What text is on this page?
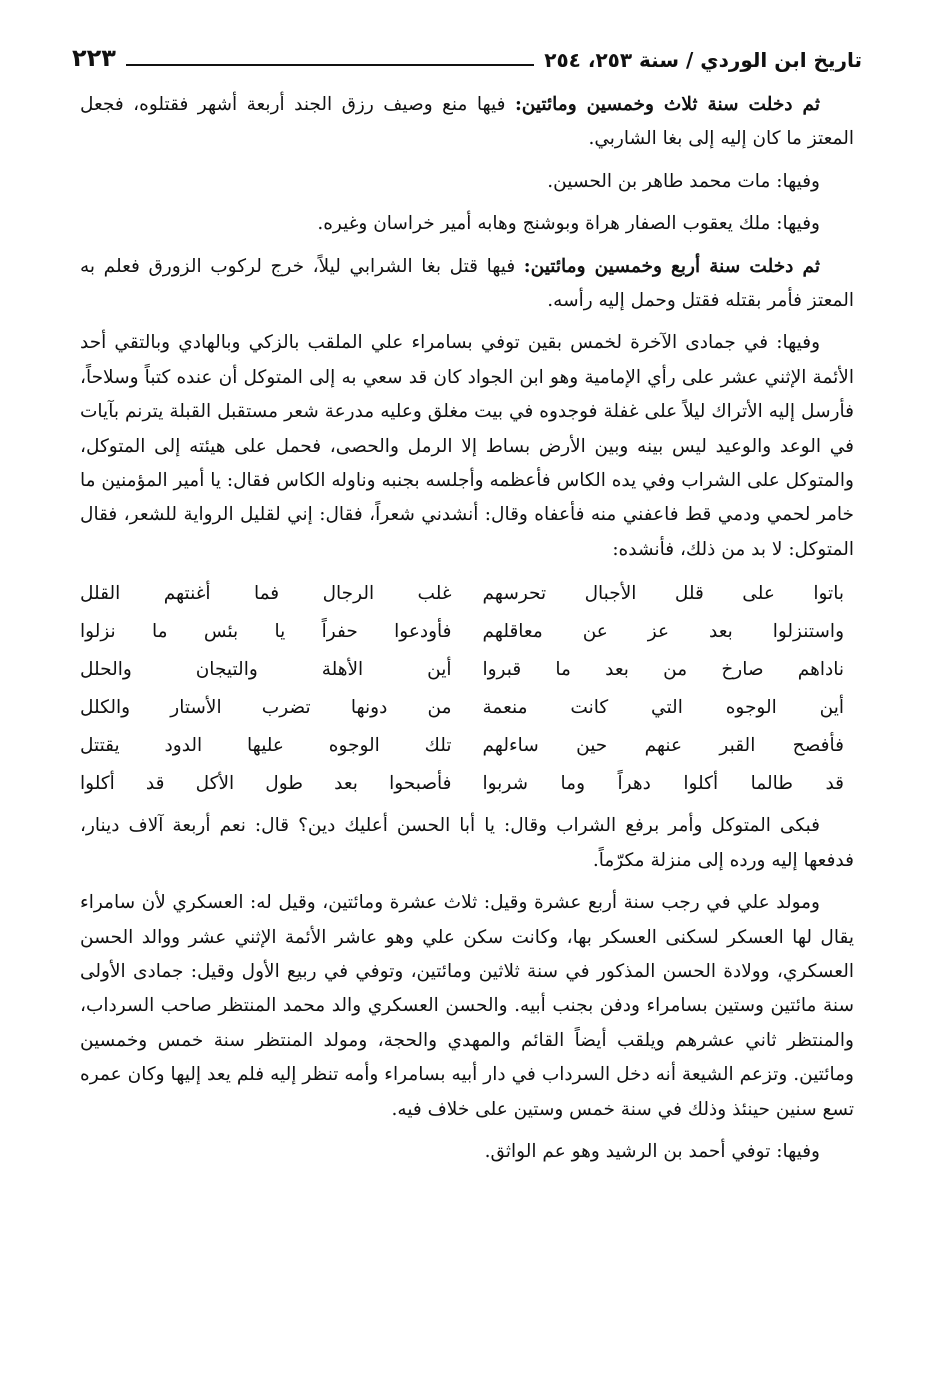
تاريخ ابن الوردي / سنة ٢٥٣، ٢٥٤
٢٢٣

ثم دخلت سنة ثلاث وخمسين ومائتين: فيها منع وصيف رزق الجند أربعة أشهر فقتلوه، فجعل المعتز ما كان إليه إلى بغا الشاربي.

وفيها: مات محمد طاهر بن الحسين.

وفيها: ملك يعقوب الصفار هراة وبوشنج وهابه أمير خراسان وغيره.

ثم دخلت سنة أربع وخمسين ومائتين: فيها قتل بغا الشرابي ليلاً، خرج لركوب الزورق فعلم به المعتز فأمر بقتله فقتل وحمل إليه رأسه.

وفيها: في جمادى الآخرة لخمس بقين توفي بسامراء علي الملقب بالزكي وبالهادي وبالتقي أحد الأئمة الإثني عشر على رأي الإمامية وهو ابن الجواد كان قد سعي به إلى المتوكل أن عنده كتباً وسلاحاً، فأرسل إليه الأتراك ليلاً على غفلة فوجدوه في بيت مغلق وعليه مدرعة شعر مستقبل القبلة يترنم بآيات في الوعد والوعيد ليس بينه وبين الأرض بساط إلا الرمل والحصى، فحمل على هيئته إلى المتوكل، والمتوكل على الشراب وفي يده الكاس فأعظمه وأجلسه بجنبه وناوله الكاس فقال: يا أمير المؤمنين ما خامر لحمي ودمي قط فاعفني منه فأعفاه وقال: أنشدني شعراً، فقال: إني لقليل الرواية للشعر، فقال المتوكل: لا بد من ذلك، فأنشده:

باتوا على قلل الأجبال تحرسهم
غلب الرجال فما أغنتهم القلل
واستنزلوا بعد عز عن معاقلهم
فأودعوا حفراً يا بئس ما نزلوا
ناداهم صارخ من بعد ما قبروا
أين الأهلة والتيجان والحلل
أين الوجوه التي كانت منعمة
من دونها تضرب الأستار والكلل
فأفصح القبر عنهم حين ساءلهم
تلك الوجوه عليها الدود يقتتل
قد طالما أكلوا دهراً وما شربوا
فأصبحوا بعد طول الأكل قد أكلوا

فبكى المتوكل وأمر برفع الشراب وقال: يا أبا الحسن أعليك دين؟ قال: نعم أربعة آلاف دينار، فدفعها إليه ورده إلى منزلة مكرّماً.

ومولد علي في رجب سنة أربع عشرة وقيل: ثلاث عشرة ومائتين، وقيل له: العسكري لأن سامراء يقال لها العسكر لسكنى العسكر بها، وكانت سكن علي وهو عاشر الأئمة الإثني عشر ووالد الحسن العسكري، وولادة الحسن المذكور في سنة ثلاثين ومائتين، وتوفي في ربيع الأول وقيل: جمادى الأولى سنة مائتين وستين بسامراء ودفن بجنب أبيه. والحسن العسكري والد محمد المنتظر صاحب السرداب، والمنتظر ثاني عشرهم ويلقب أيضاً القائم والمهدي والحجة، ومولد المنتظر سنة خمس وخمسين ومائتين. وتزعم الشيعة أنه دخل السرداب في دار أبيه بسامراء وأمه تنظر إليه فلم يعد إليها وكان عمره تسع سنين حينئذ وذلك في سنة خمس وستين على خلاف فيه.

وفيها: توفي أحمد بن الرشيد وهو عم الواثق.
